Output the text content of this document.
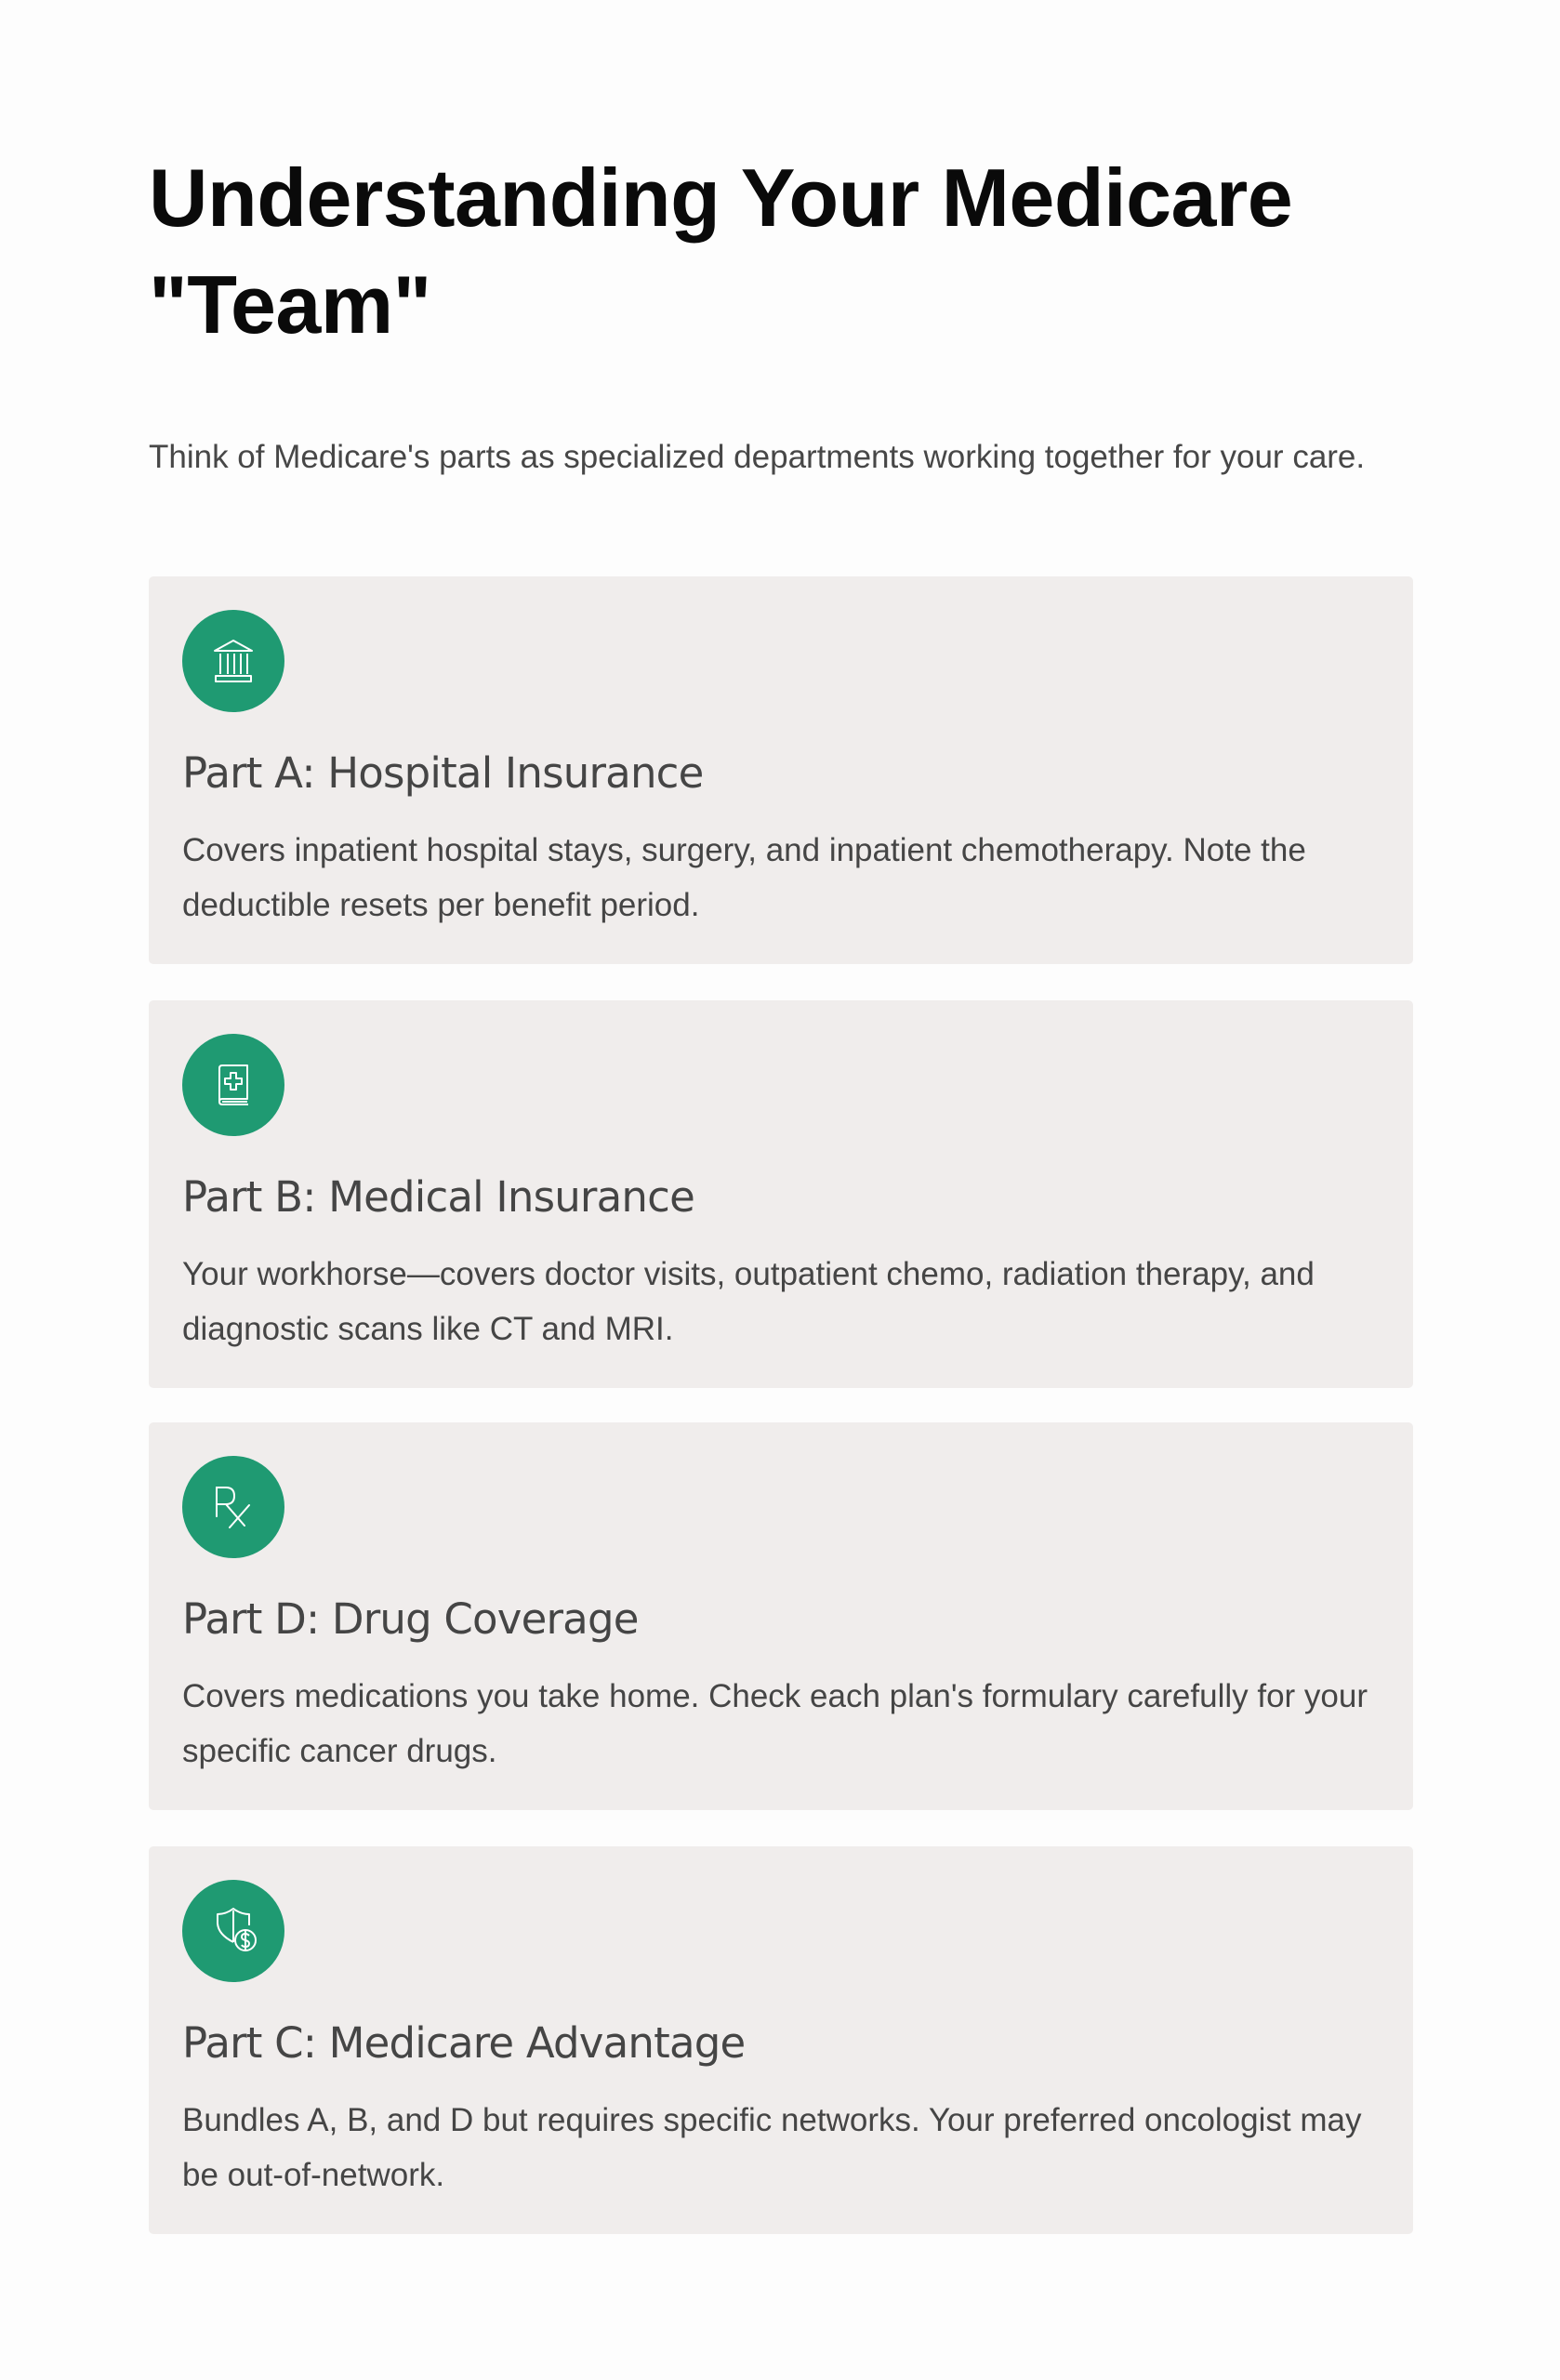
Understanding Your Medicare "Team"

Think of Medicare's parts as specialized departments working together for your care.

Part A: Hospital Insurance

Covers inpatient hospital stays, surgery, and inpatient chemotherapy. Note the deductible resets per benefit period.

Part B: Medical Insurance

Your workhorse—covers doctor visits, outpatient chemo, radiation therapy, and diagnostic scans like CT and MRI.

Part D: Drug Coverage

Covers medications you take home. Check each plan's formulary carefully for your specific cancer drugs.

Part C: Medicare Advantage

Bundles A, B, and D but requires specific networks. Your preferred oncologist may be out-of-network.
